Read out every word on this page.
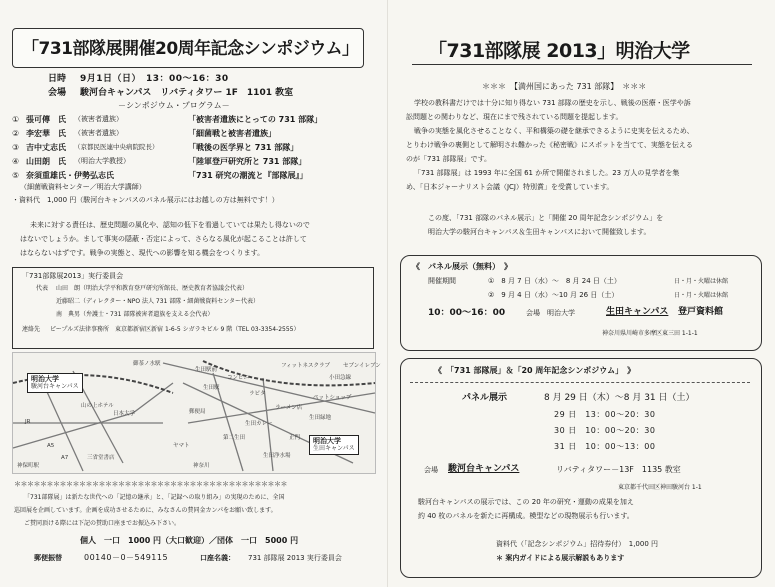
「731部隊展開催20周年記念シンポジウム」
日時 9月1日（日）　13：00～16：30
会場 駿河台キャンパス　リバティタワー 1F　1101 教室
－シンポジウム・プログラム－
① 張可傳　氏 （被害者遺族）	「被害者遺族にとっての 731 部隊」
② 李宏華　氏 （被害者遺族）	「細菌戦と被害者遺族」
③ 吉中丈志氏 （京都民医連中央病院院長）	「戦後の医学界と 731 部隊」
④ 山田朗　氏 （明治大学教授）	「陸軍登戸研究所と 731 部隊」
⑤ 奈須重雄氏・伊勢弘志氏	「731 研究の潮流と『部隊展』」
（細菌戦資料センター／明治大学講師）
・資料代　1,000 円（駿河台キャンパスのパネル展示にはお越しの方は無料です！）
未来に対する責任は、歴史問題の風化や、認知の低下を看過していては果たし得ないので
はないでしょうか。まして事実の隠蔽・否定によって、さらなる風化が起こることは許して
はならないはずです。戦争の実態と、現代への影響を知る機会をつくります。
「731部隊展2013」実行委員会
代表 山田　朗（明治大学平和教育登戸研究所館長、歴史教育者協議会代表）
近藤昭二（ディレクター・NPO 法人 731 部隊・細菌戦資料センター代表）
南　典男（弁護士・731 部隊被害者遺族を支える会代表）
連絡先 ピープルズ法律事務所　東京都新宿区新宿 1-6-5 シガラキビル 9 階（TEL 03-3354-2555）
明治大学
駿河台キャンパス
明治大学
生田キャンパス
御茶ノ水駅
山の上ホテル
日本大学
JR
A5
A7	三省堂書店
神保町駅
生田駅
神奈川
コンビニ
フィットネスクラブ
ラーメン店
生田カレー
生田緑地
小田急線
ラピタ
第二生田
生田浄水場
ペットショップ
正門
郵便局
ヤマト
セブンイレブン
生田駅前
＊＊＊＊＊＊＊＊＊＊＊＊＊＊＊＊＊＊＊＊＊＊＊＊＊＊＊＊＊＊＊＊＊＊＊＊＊＊＊＊＊＊
「731部隊展」は新たな世代への「記憶の継承」と、「記録への取り組み」の実現のために、全国
巡回展を企画しています。企画を成功させるために、みなさんの賛同金カンパをお願い致します。
ご賛同頂ける際には下記の賛助口座までお振込み下さい。
個人　一口　1000 円（大口歓迎）／団体　一口　5000 円
郵便振替	00140－0－549115	口座名義： 731 部隊展 2013 実行委員会
「731部隊展 2013」明治大学
＊＊＊　【満州国にあった 731 部隊】　＊＊＊
学校の教科書だけでは十分に知り得ない 731 部隊の歴史を示し、戦後の医療・医学や訴
訟問題との関わりなど、現在にまで残されている問題を提起します。
戦争の実態を風化させることなく、平和構築の礎を継承できるように史実を伝えるため、
とりわけ戦争の裏側として解明され難かった《秘密戦》にスポットを当てて、実態を伝える
のが「731 部隊展」です。
「731 部隊展」は 1993 年に全国 61 か所で開催されました。23 万人の見学者を集
め、「日本ジャーナリスト会議（JCJ）特別賞」を受賞しています。
この度、「731 部隊のパネル展示」と「開催 20 周年記念シンポジウム」を
明治大学の駿河台キャンパス＆生田キャンパスにおいて開催致します。
《　パネル展示（無料）　》
開催期間	①　8 月 7 日（水）～　8 月 24 日（土）	日・月・火曜は休館
②　9 月 4 日（水）～10 月 26 日（土）	日・月・火曜は休館
10：00～16：00	会場　明治大学	生田キャンパス 登戸資料館
神奈川県川崎市多摩区東三田 1-1-1
《　「731 部隊展」＆「20 周年記念シンポジウム」　》
パネル展示	8 月 29 日（木）～8 月 31 日（土）
29 日　13：00～20：30
30 日　10：00～20：30
31 日　10：00～13：00
会場 駿河台キャンパス	リバティタワー－13F　1135 教室
東京都千代田区神田駿河台 1-1
駿河台キャンパスの展示では、この 20 年の研究・運動の成果を加え
約 40 枚のパネルを新たに再構成。模型などの現物展示も行います。
資料代（「記念シンポジウム」招待券付）　1,000 円
＊ 案内ガイドによる展示解説もあります
